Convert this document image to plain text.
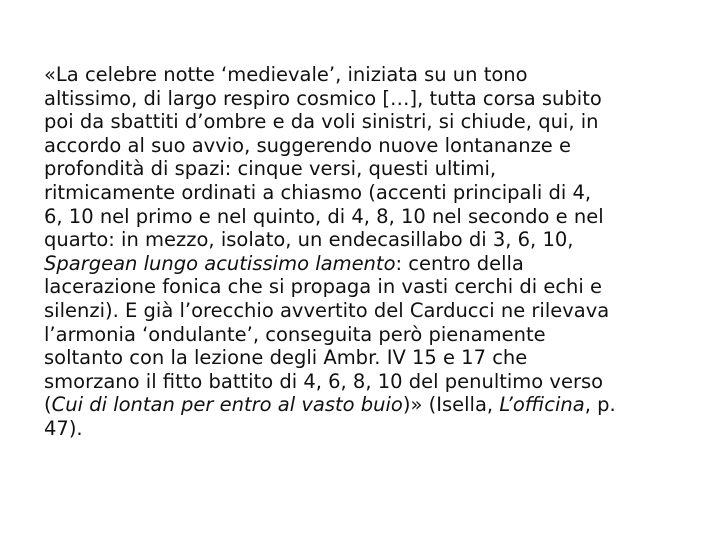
«La celebre notte ‘medievale’, iniziata su un tono
altissimo, di largo respiro cosmico […], tutta corsa subito
poi da sbattiti d’ombre e da voli sinistri, si chiude, qui, in
accordo al suo avvio, suggerendo nuove lontananze e
profondità di spazi: cinque versi, questi ultimi,
ritmicamente ordinati a chiasmo (accenti principali di 4,
6, 10 nel primo e nel quinto, di 4, 8, 10 nel secondo e nel
quarto: in mezzo, isolato, un endecasillabo di 3, 6, 10,
Spargean lungo acutissimo lamento: centro della
lacerazione fonica che si propaga in vasti cerchi di echi e
silenzi). E già l’orecchio avvertito del Carducci ne rilevava
l’armonia ‘ondulante’, conseguita però pienamente
soltanto con la lezione degli Ambr. IV 15 e 17 che
smorzano il fitto battito di 4, 6, 8, 10 del penultimo verso
(Cui di lontan per entro al vasto buio)» (Isella, L’officina, p.
47).
